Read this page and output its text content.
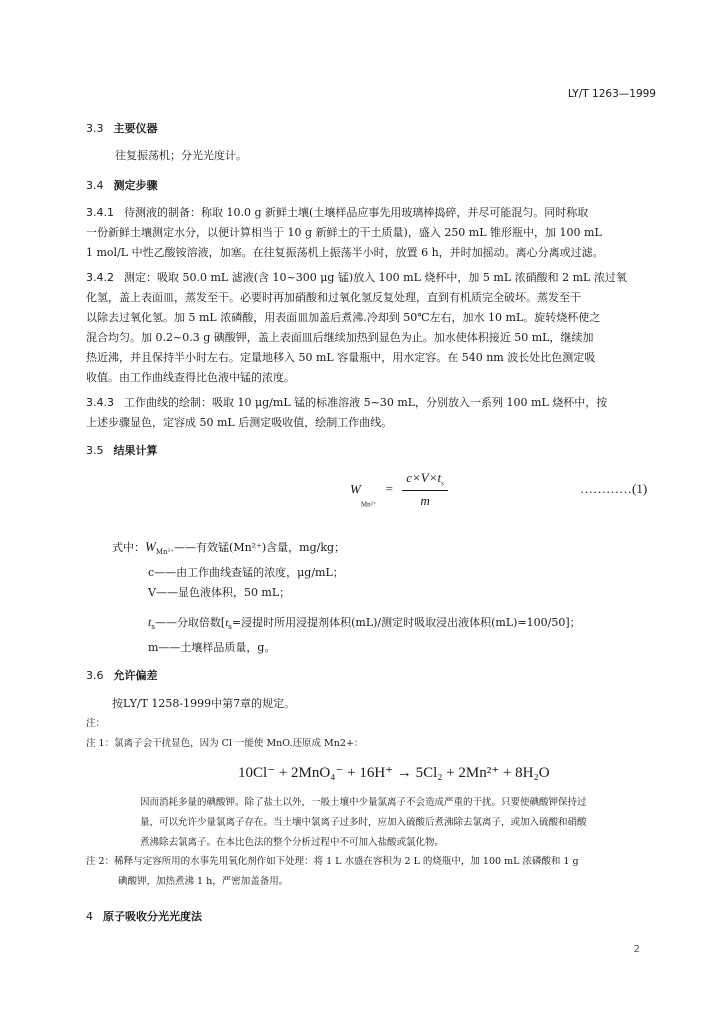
LY/T 1263—1999
3.3 主要仪器
往复振荡机；分光光度计。
3.4 测定步骤
3.4.1 待测液的制备：称取 10.0 g 新鲜土壤(土壤样品应事先用玻璃棒捣碎，并尽可能混匀。同时称取
一份新鲜土壤测定水分，以便计算相当于 10 g 新鲜土的干土质量)，盛入 250 mL 锥形瓶中，加 100 mL
1 mol/L 中性乙酸铵溶液，加塞。在往复振荡机上振荡半小时，放置 6 h，并时加摇动。离心分离或过滤。
3.4.2 测定：吸取 50.0 mL 滤液(含 10~300 μg 锰)放入 100 mL 烧杯中，加 5 mL 浓硝酸和 2 mL 浓过氧
化氢，盖上表面皿，蒸发至干。必要时再加硝酸和过氧化氢反复处理，直到有机质完全破坏。蒸发至干
以除去过氧化氢。加 5 mL 浓磷酸，用表面皿加盖后煮沸.冷却到 50℃左右，加水 10 mL。旋转烧杯使之
混合均匀。加 0.2~0.3 g 碘酸钾，盖上表面皿后继续加热到显色为止。加水使体积接近 50 mL，继续加
热近沸，并且保持半小时左右。定量地移入 50 mL 容量瓶中，用水定容。在 540 nm 波长处比色测定吸
收值。由工作曲线查得比色液中锰的浓度。
3.4.3 工作曲线的绘制：吸取 10 μg/mL 锰的标准溶液 5~30 mL，分别放入一系列 100 mL 烧杯中，按
上述步骤显色，定容成 50 mL 后测定吸收值，绘制工作曲线。
3.5 结果计算
$W_{Mn^{2+}} = \frac{c\times V\times t_s}{m}$	…………(1)
式中：$W_{Mn^{2+}}——$有效锰(Mn²⁺)含量，mg/kg；
c——由工作曲线查锰的浓度，μg/mL；
V——显色液体积，50 mL；
$t_s——$分取倍数[$t_s=$浸提时所用浸提剂体积(mL)/测定时吸取浸出液体积(mL)=100/50]；
m——土壤样品质量，g。
3.6 允许偏差
按LY/T 1258-1999中第7章的规定。
注：
注 1：氯离子会干扰显色，因为 Cl 一能使 MnO.还原成 Mn2+：
10Cl⁻ + 2MnO₄⁻ + 16H⁺ → 5Cl₂ + 2Mn²⁺ + 8H₂O
因而消耗多量的碘酸钾。除了盐土以外，一般土壤中少量氯离子不会造成严重的干扰。只要使碘酸钾保持过
量，可以允许少量氯离子存在。当土壤中氯离子过多时，应加入硫酸后煮沸除去氯离子，或加入硫酸和硝酸
煮沸除去氯离子。在本比色法的整个分析过程中不可加入盐酸或氯化物。
注 2：稀释与定容所用的水事先用氧化剂作如下处理：将 1 L 水盛在容积为 2 L 的烧瓶中，加 100 mL 浓磷酸和 1 g
碘酸钾，加热煮沸 1 h，严密加盖备用。
4 原子吸收分光光度法
2
